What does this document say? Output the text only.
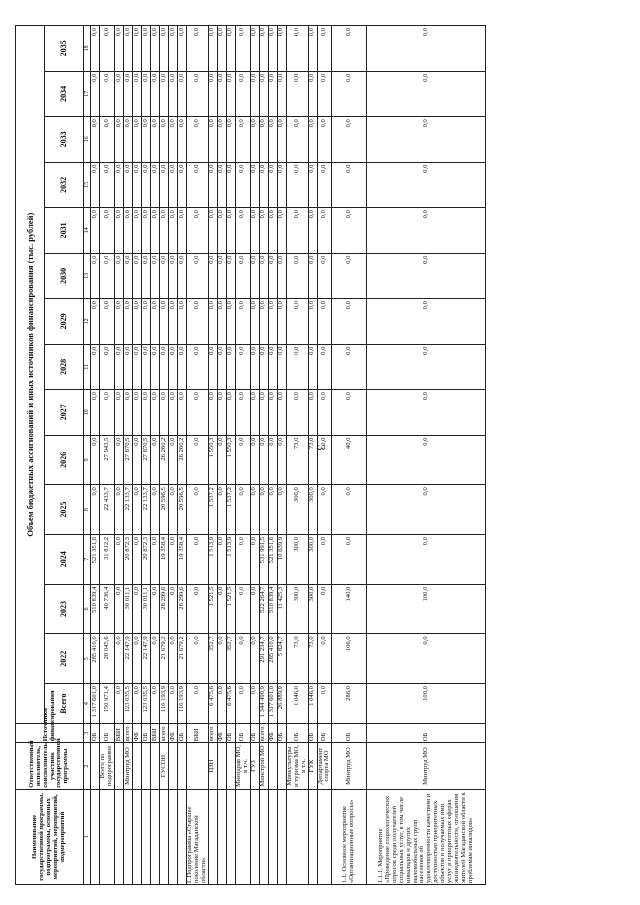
3
Наименование государственной программы, подпрограммы, основных мероприятий, мероприятий, подмероприятий	Ответственный исполнитель, соисполнитель, участник государственной программы	Источники финансирования	Объем бюджетных ассигнований и иных источников финансирования (тыс. рублей)														
			Всего	2022	2023	2024	2025	2026	2027	2028	2029	2030	2031	2032	2033	2034	2035
1	2	3	4	5	6	7	8	9	10	11	12	13	14	15	16	17	18
		ОБ	1 317 601,0	285 410,0	510 839,4	521 351,6	0,0	0,0	0,0	0,0	0,0	0,0	0,0	0,0	0,0	0,0	0,0
	Всего по подпрограмме	ОБ	150 971,4	28 045,6	40 736,4	31 812,2	22 433,7	27 943,5	0,0	0,0	0,0	0,0	0,0	0,0	0,0	0,0	0,0
		ВБИ	0,0	0,0	0,0	0,0	0,0	0,0	0,0	0,0	0,0	0,0	0,0	0,0	0,0	0,0	0,0
	Минтруд МО	всего	123 035,5	22 147,9	30 011,1	20 872,3	22 133,7	27 870,5	0,0	0,0	0,0	0,0	0,0	0,0	0,0	0,0	0,0
		ФБ	0,0	0,0	0,0	0,0	0,0	0,0	0,0	0,0	0,0	0,0	0,0	0,0	0,0	0,0	0,0
		ОБ	123 035,5	22 147,9	30 011,1	20 872,3	22 133,7	27 870,5	0,0	0,0	0,0	0,0	0,0	0,0	0,0	0,0	0,0
		ВБИ	0,0	0,0	0,0	0,0	0,0	0,0	0,0	0,0	0,0	0,0	0,0	0,0	0,0	0,0	0,0
	ГУСОН	всего	116 193,9	21 679,2	28 299,6	19 358,4	20 596,5	26 260,2	0,0	0,0	0,0	0,0	0,0	0,0	0,0	0,0	0,0
		ФБ	0,0	0,0	0,0	0,0	0,0	0,0	0,0	0,0	0,0	0,0	0,0	0,0	0,0	0,0	0,0
		ОБ	116 193,9	21 679,2	28 299,6	19 358,4	20 596,5	26 260,2	0,0	0,0	0,0	0,0	0,0	0,0	0,0	0,0	0,0
I. Подпрограмма «Старшее поколение Магаданской области»		ВБИ	0,0	0,0	0,0	0,0	0,0	0,0	0,0	0,0	0,0	0,0	0,0	0,0	0,0	0,0	0,0
	ЦЗН	всего	6 475,6	352,7	1 521,5	1 513,9	1 537,2	1 550,3	0,0	0,0	0,0	0,0	0,0	0,0	0,0	0,0	0,0
		ФБ	0,0	0,0	0,0	0,0	0,0	0,0	0,0	0,0	0,0	0,0	0,0	0,0	0,0	0,0	0,0
		ОБ	6 475,6	352,7	1 521,5	1 513,9	1 537,2	1 550,3	0,0	0,0	0,0	0,0	0,0	0,0	0,0	0,0	0,0
	Минздрав МО, в т.ч.	ОБ	0,0	0,0	0,0	0,0	0,0	0,0	0,0	0,0	0,0	0,0	0,0	0,0	0,0	0,0	0,0
	ГУЗ	ОБ	0,0	0,0	0,0	0,0	0,0	0,0	0,0	0,0	0,0	0,0	0,0	0,0	0,0	0,0	0,0
	Минстрой МО	всего	1 344 490,9	291 234,7	522 264,7	531 991,5	0,0	0,0	0,0	0,0	0,0	0,0	0,0	0,0	0,0	0,0	0,0
		ФБ	1 317 601,0	285 410,0	510 839,4	521 351,6	0,0	0,0	0,0	0,0	0,0	0,0	0,0	0,0	0,0	0,0	0,0
		ОБ	26 889,9	5 824,7	11 425,3	10 639,9	0,0	0,0	0,0	0,0	0,0	0,0	0,0	0,0	0,0	0,0	0,0
	Минкультуры и туризма МО, в т.ч.	ОБ	1 046,0	73,0	300,0	300,0	300,0	73,0	0,0	0,0	0,0	0,0	0,0	0,0	0,0	0,0	0,0
	ГУК	ОБ	1 046,0	73,0	300,0	300,0	300,0	73,0	0,0	0,0	0,0	0,0	0,0	0,0	0,0	0,0	0,0
	Департамент спорта МО	ОБ	0,0	0,0	0,0	0,0	0,0	0,0	0,0	0,0	0,0	0,0	0,0	0,0	0,0	0,0	0,0
1.1. Основное мероприятие «Организационные вопросы»	Минтруд МО	ОБ	286,0	106,0	140,0	0,0	0,0	40,0	0,0	0,0	0,0	0,0	0,0	0,0	0,0	0,0	0,0
1.1.1. Мероприятие «Проведение социологических опросов среди получателей социальных услуг, в том числе инвалидов и других маломобильных групп населения об удовлетворенности качеством и доступностью приоритетных объектов и получаемых ими услуг в приоритетных сферах жизнедеятельности, отношения жителей Магаданской области к проблемам инвалидов»	Минтруд МО	ОБ	100,0	0,0	100,0	0,0	0,0	0,0	0,0	0,0	0,0	0,0	0,0	0,0	0,0	0,0	0,0
